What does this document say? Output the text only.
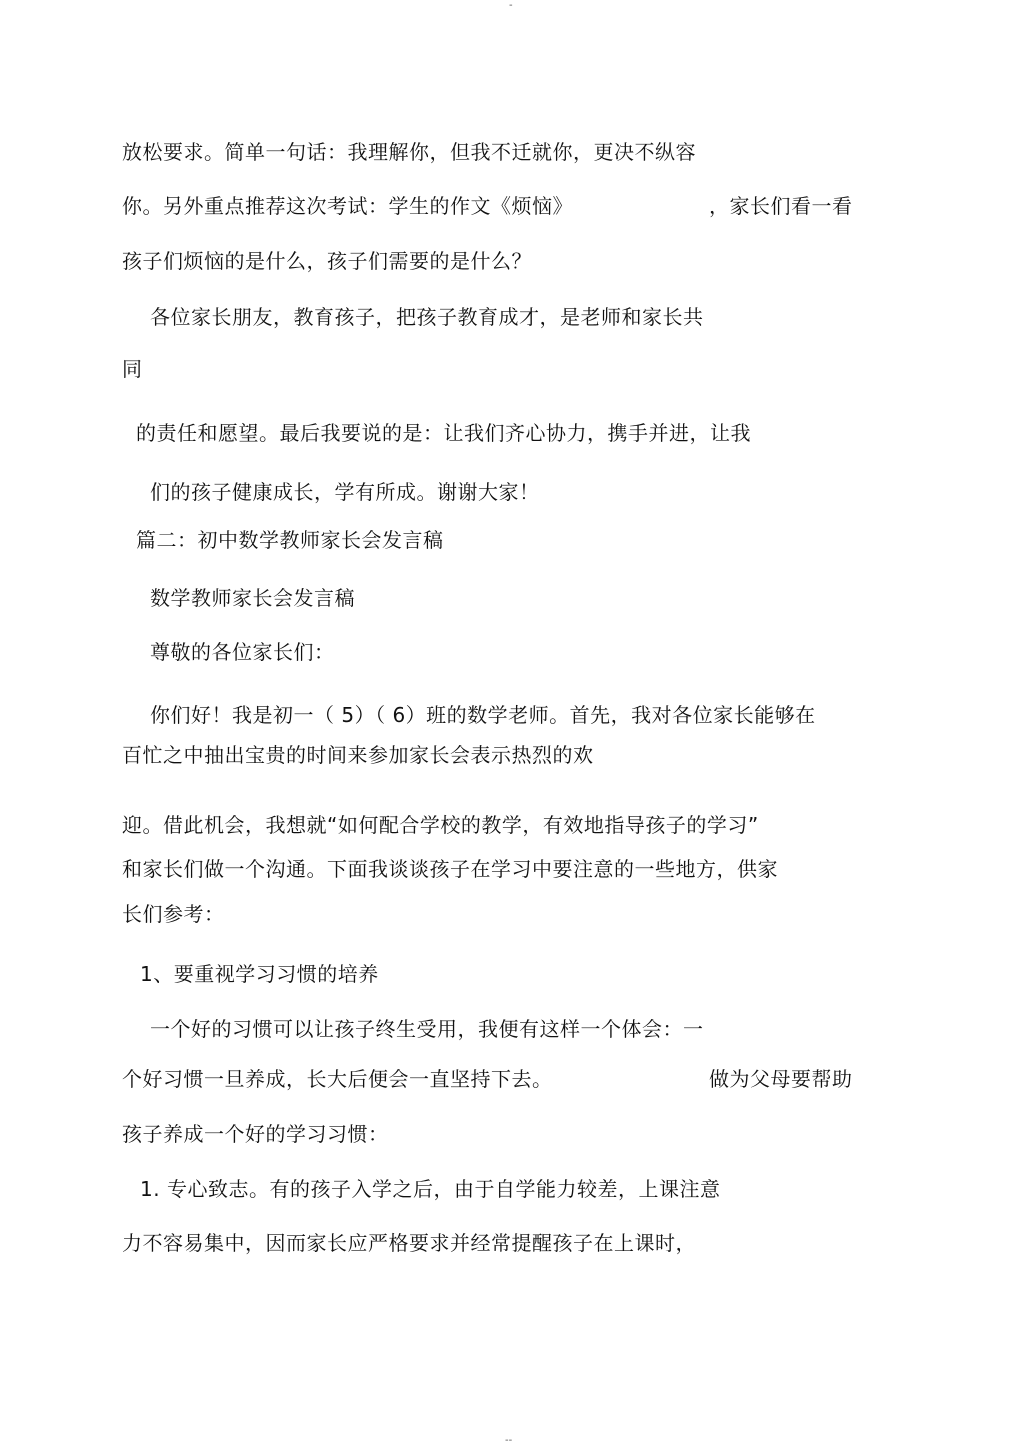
-
放松要求。简单一句话：我理解你，但我不迁就你，更决不纵容
你。另外重点推荐这次考试：学生的作文《烦恼》	，家长们看一看
孩子们烦恼的是什么，孩子们需要的是什么？
各位家长朋友，教育孩子，把孩子教育成才，是老师和家长共
同
的责任和愿望。最后我要说的是：让我们齐心协力，携手并进，让我
们的孩子健康成长，学有所成。谢谢大家！
篇二：初中数学教师家长会发言稿
数学教师家长会发言稿
尊敬的各位家长们：
你们好！我是初一（ 5）（ 6）班的数学老师。首先，我对各位家长能够在
百忙之中抽出宝贵的时间来参加家长会表示热烈的欢
迎。借此机会，我想就“如何配合学校的教学，有效地指导孩子的学习”
和家长们做一个沟通。下面我谈谈孩子在学习中要注意的一些地方，供家
长们参考：
1、要重视学习习惯的培养
一个好的习惯可以让孩子终生受用，我便有这样一个体会：一
个好习惯一旦养成，长大后便会一直坚持下去。	做为父母要帮助
孩子养成一个好的学习习惯：
1. 专心致志。有的孩子入学之后，由于自学能力较差，上课注意
力不容易集中，因而家长应严格要求并经常提醒孩子在上课时，
--
